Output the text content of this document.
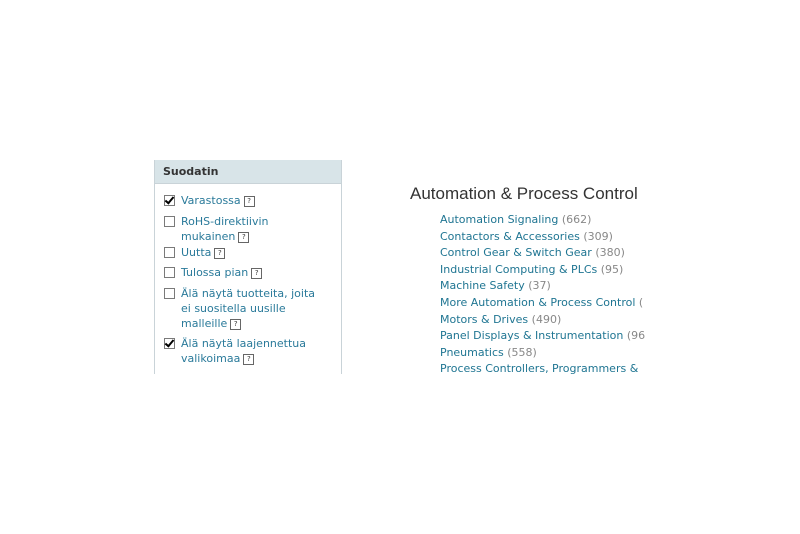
Suodatin
Varastossa ?
RoHS-direktiivin
mukainen ?
Uutta ?
Tulossa pian ?
Älä näytä tuotteita, joita
ei suositella uusille
malleille ?
Älä näytä laajennettua
valikoimaa ?
Automation & Process Control
Automation Signaling (662)
Contactors & Accessories (309)
Control Gear & Switch Gear (380)
Industrial Computing & PLCs (95)
Machine Safety (37)
More Automation & Process Control (
Motors & Drives (490)
Panel Displays & Instrumentation (96
Pneumatics (558)
Process Controllers, Programmers &
